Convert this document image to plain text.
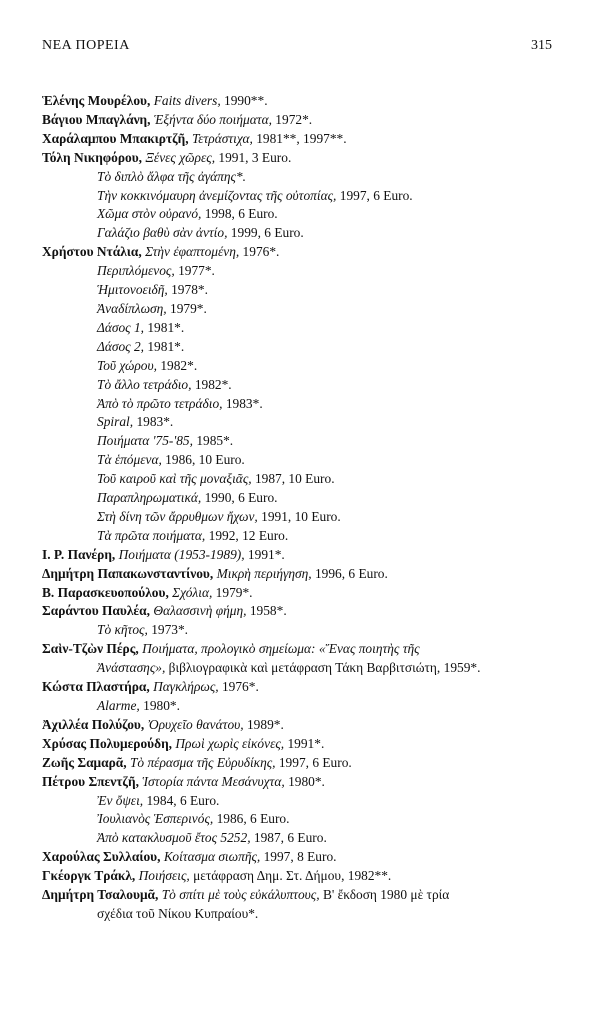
ΝΕΑ ΠΟΡΕΙΑ	315
Ἑλένης Μουρέλου, Faits divers, 1990**.
Βάγιου Μπαγλάνη, Ἑξήντα δύο ποιήματα, 1972*.
Χαράλαμπου Μπακιρτζῆ, Τετράστιχα, 1981**, 1997**.
Τόλη Νικηφόρου, Ξένες χῶρες, 1991, 3 Euro.
Τὸ διπλὸ ἄλφα τῆς ἀγάπης*.
Τὴν κοκκινόμαυρη ἀνεμίζοντας τῆς οὐτοπίας, 1997, 6 Euro.
Χῶμα στὸν οὐρανό, 1998, 6 Euro.
Γαλάζιο βαθὺ σὰν ἀντίο, 1999, 6 Euro.
Χρήστου Ντάλια, Στὴν ἐφαπτομένη, 1976*.
Περιπλόμενος, 1977*.
Ἡμιτονοειδῆ, 1978*.
Ἀναδίπλωση, 1979*.
Δάσος 1, 1981*.
Δάσος 2, 1981*.
Τοῦ χώρου, 1982*.
Τὸ ἄλλο τετράδιο, 1982*.
Ἀπὸ τὸ πρῶτο τετράδιο, 1983*.
Spiral, 1983*.
Ποιήματα '75-'85, 1985*.
Τὰ ἑπόμενα, 1986, 10 Euro.
Τοῦ καιροῦ καὶ τῆς μοναξιᾶς, 1987, 10 Euro.
Παραπληρωματικά, 1990, 6 Euro.
Στὴ δίνη τῶν ἄρρυθμων ἤχων, 1991, 10 Euro.
Τὰ πρῶτα ποιήματα, 1992, 12 Euro.
Ι. Ρ. Πανέρη, Ποιήματα (1953-1989), 1991*.
Δημήτρη Παπακωνσταντίνου, Μικρὴ περιήγηση, 1996, 6 Euro.
Β. Παρασκευοπούλου, Σχόλια, 1979*.
Σαράντου Παυλέα, Θαλασσινὴ φήμη, 1958*.
Τὸ κῆτος, 1973*.
Σαὶν-Τζὼν Πέρς, Ποιήματα, προλογικὸ σημείωμα: «Ἕνας ποιητὴς τῆς
Ἀνάστασης», βιβλιογραφικὰ καὶ μετάφραση Τάκη Βαρβιτσιώτη, 1959*.
Κώστα Πλαστήρα, Παγκλήρως, 1976*.
Alarme, 1980*.
Ἀχιλλέα Πολύζου, Ὀρυχεῖο θανάτου, 1989*.
Χρύσας Πολυμερούδη, Πρωὶ χωρὶς εἰκόνες, 1991*.
Ζωῆς Σαμαρᾶ, Τὸ πέρασμα τῆς Εὐρυδίκης, 1997, 6 Euro.
Πέτρου Σπεντζῆ, Ἱστορία πάντα Μεσάνυχτα, 1980*.
Ἐν ὄψει, 1984, 6 Euro.
Ἰουλιανὸς Ἑσπερινός, 1986, 6 Euro.
Ἀπὸ κατακλυσμοῦ ἔτος 5252, 1987, 6 Euro.
Χαρούλας Συλλαίου, Κοίτασμα σιωπῆς, 1997, 8 Euro.
Γκέοργκ Τράκλ, Ποιήσεις, μετάφραση Δημ. Στ. Δήμου, 1982**.
Δημήτρη Τσαλουμᾶ, Τὸ σπίτι μὲ τοὺς εὐκάλυπτους, Β' ἔκδοση 1980 μὲ τρία
σχέδια τοῦ Νίκου Κυπραίου*.
